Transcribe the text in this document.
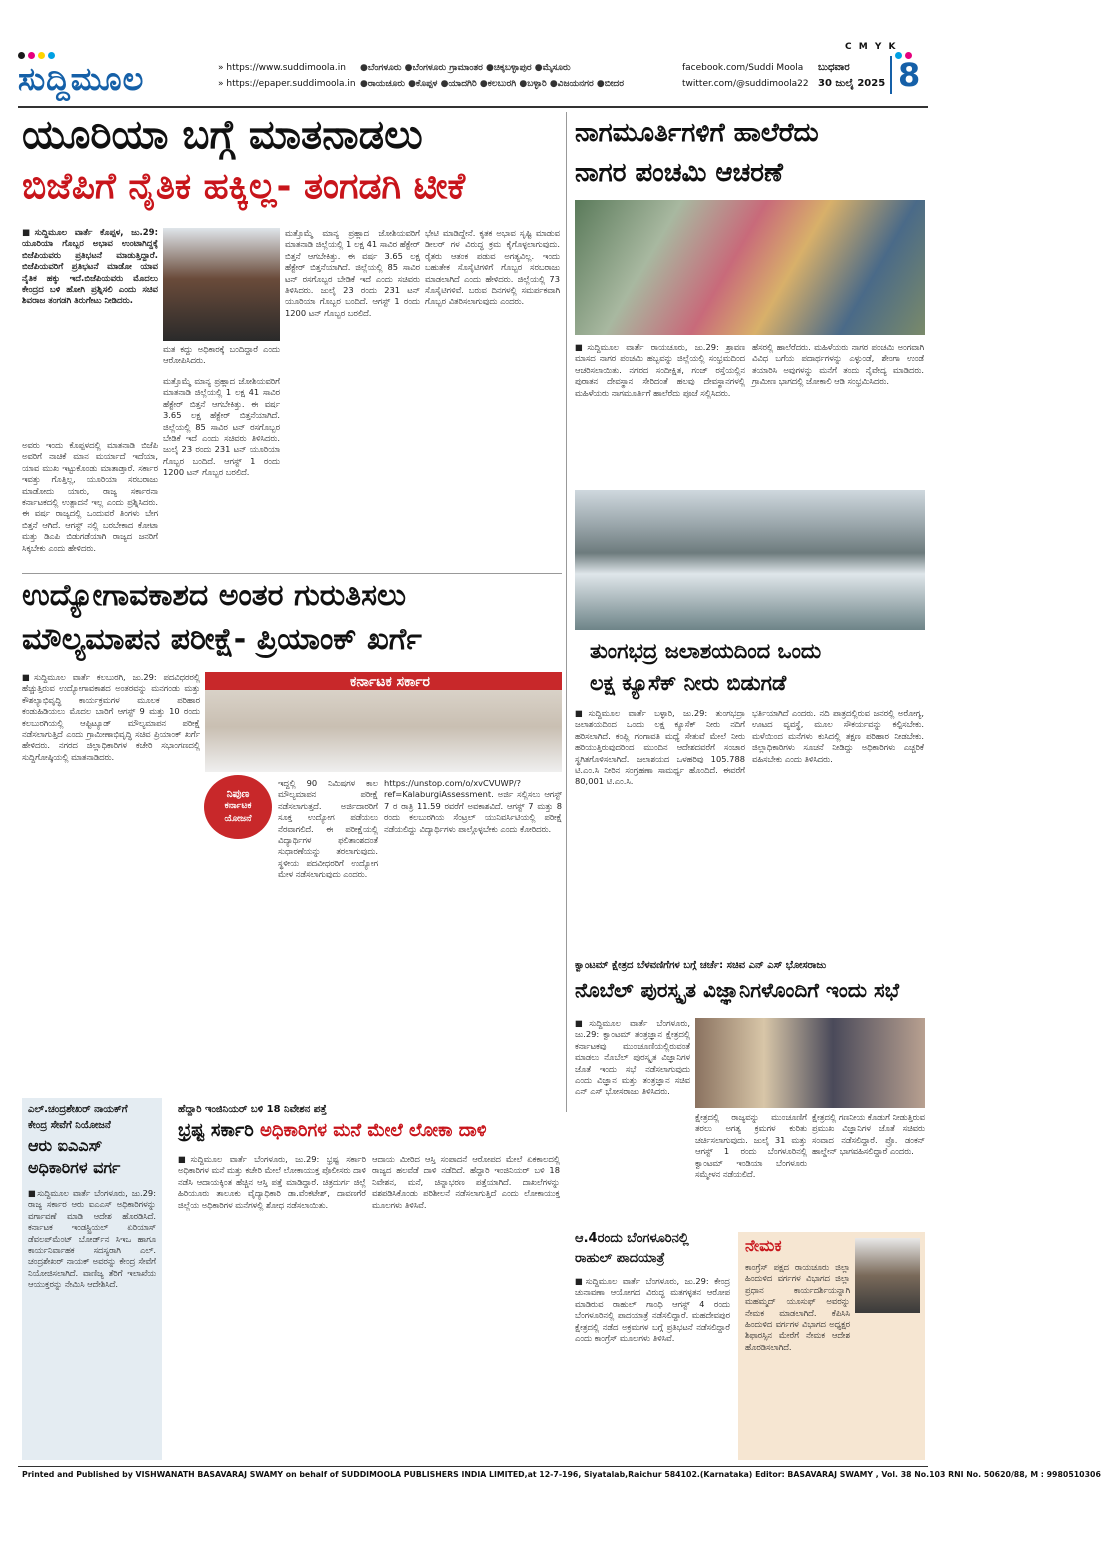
C M Y K
ಸುದ್ದಿಮೂಲ	» https://www.suddimoola.in
» https://epaper.suddimoola.in
●ಬೆಂಗಳೂರು ●ಬೆಂಗಳೂರು ಗ್ರಾಮಾಂತರ ●ಚಿಕ್ಕಬಳ್ಳಾಪುರ ●ಮೈಸೂರು
●ರಾಯಚೂರು ●ಕೊಪ್ಪಳ ●ಯಾದಗಿರಿ ●ಕಲಬುರಗಿ ●ಬಳ್ಳಾರಿ ●ವಿಜಯನಗರ ●ಬೀದರ
facebook.com/Suddi Moola
twitter.com/@suddimoola22
ಬುಧವಾರ
30 ಜುಲೈ 2025 8
ಯೂರಿಯಾ ಬಗ್ಗೆ ಮಾತನಾಡಲು
ಬಿಜೆಪಿಗೆ ನೈತಿಕ ಹಕ್ಕಿಲ್ಲ- ತಂಗಡಗಿ ಟೀಕೆ
■ಸುದ್ದಿಮೂಲ ವಾರ್ತೆ ಕೊಪ್ಪಳ, ಜು.29: ಯೂರಿಯಾ ಗೊಬ್ಬರ ಅಭಾವ ಉಂಟಾಗಿದ್ದಕ್ಕೆ ಬಿಜೆಪಿಯವರು ಪ್ರತಿಭಟನೆ ಮಾಡುತ್ತಿದ್ದಾರೆ. ಬಿಜೆಪಿಯವರಿಗೆ ಪ್ರತಿಭಟನೆ ಮಾಡೋ ಯಾವ ನೈತಿಕ ಹಕ್ಕು ಇದೆ.ಬಿಜೆಪಿಯವರು ಮೊದಲು ಕೇಂದ್ರದ ಬಳಿ ಹೋಗಿ ಪ್ರಶ್ನಿಸಲಿ ಎಂದು ಸಚಿವ ಶಿವರಾಜ ತಂಗಡಗಿ ತಿರುಗೇಟು ನೀಡಿದರು.
ಮತ ಕದ್ದು ಅಧಿಕಾರಕ್ಕೆ ಬಂದಿದ್ದಾರೆ ಎಂದು ಆರೋಪಿಸಿದರು.
ಅವರು ಇಂದು ಕೊಪ್ಪಳದಲ್ಲಿ ಮಾತನಾಡಿ ಬಿಜೆಪಿ ಅವರಿಗೆ ನಾಚಿಕೆ ಮಾನ ಮರ್ಯಾದೆ ಇದೆಯಾ, ಯಾವ ಮುಖ ಇಟ್ಟುಕೊಂಡು ಮಾತಾಡ್ತಾರೆ. ಸರ್ಕಾರ ಇವತ್ತು ಗೊತ್ತಿಲ್ಲ, ಯೂರಿಯಾ ಸರಬರಾಜು ಮಾಡೋದು ಯಾರು, ರಾಜ್ಯ ಸರ್ಕಾರನಾ ಕರ್ನಾಟಕದಲ್ಲಿ ಉತ್ಪಾದನೆ ಇಲ್ಲ ಎಂದು ಪ್ರಶ್ನಿಸಿದರು. ಈ ವರ್ಷ ರಾಜ್ಯದಲ್ಲಿ ಒಂದುವರೆ ತಿಂಗಳು ಬೇಗ ಬಿತ್ತನೆ ಆಗಿದೆ. ಆಗಸ್ಟ್ ನಲ್ಲಿ ಬರಬೇಕಾದ ಕೋಟಾ ಮತ್ತು ಡಿಎಪಿ ಬಿಡುಗಡೆಯಾಗಿ ರಾಜ್ಯದ ಜನರಿಗೆ ಸಿಕ್ಕಬೇಕು ಎಂದು ಹೇಳಿದರು.
ಮತ್ತೊಮ್ಮೆ ಮಾನ್ಯ ಪ್ರಹ್ಲಾದ ಜೋಶಿಯವರಿಗೆ ಮಾತನಾಡಿ ಜಿಲ್ಲೆಯಲ್ಲಿ 1 ಲಕ್ಷ 41 ಸಾವಿರ ಹೆಕ್ಟೇರ್ ಬಿತ್ತನೆ ಆಗಬೇಕಿತ್ತು. ಈ ವರ್ಷ 3.65 ಲಕ್ಷ ಹೆಕ್ಟೇರ್ ಬಿತ್ತನೆಯಾಗಿದೆ. ಜಿಲ್ಲೆಯಲ್ಲಿ 85 ಸಾವಿರ ಟನ್ ರಸಗೊಬ್ಬರ ಬೇಡಿಕೆ ಇದೆ ಎಂದು ಸಚಿವರು ತಿಳಿಸಿದರು. ಜುಲೈ 23 ರಂದು 231 ಟನ್ ಯೂರಿಯಾ ಗೊಬ್ಬರ ಬಂದಿದೆ. ಆಗಸ್ಟ್ 1 ರಂದು 1200 ಟನ್ ಗೊಬ್ಬರ ಬರಲಿದೆ.
ಮತ್ತೊಮ್ಮೆ ಮಾನ್ಯ ಪ್ರಹ್ಲಾದ ಜೋಶಿಯವರಿಗೆ ಮಾತನಾಡಿ ಜಿಲ್ಲೆಯಲ್ಲಿ 1 ಲಕ್ಷ 41 ಸಾವಿರ ಹೆಕ್ಟೇರ್ ಬಿತ್ತನೆ ಆಗಬೇಕಿತ್ತು. ಈ ವರ್ಷ 3.65 ಲಕ್ಷ ಹೆಕ್ಟೇರ್ ಬಿತ್ತನೆಯಾಗಿದೆ. ಜಿಲ್ಲೆಯಲ್ಲಿ 85 ಸಾವಿರ ಟನ್ ರಸಗೊಬ್ಬರ ಬೇಡಿಕೆ ಇದೆ ಎಂದು ಸಚಿವರು ತಿಳಿಸಿದರು. ಜುಲೈ 23 ರಂದು 231 ಟನ್ ಯೂರಿಯಾ ಗೊಬ್ಬರ ಬಂದಿದೆ. ಆಗಸ್ಟ್ 1 ರಂದು 1200 ಟನ್ ಗೊಬ್ಬರ ಬರಲಿದೆ.
ಭೇಟಿ ಮಾಡಿದ್ದೇನೆ. ಕೃತಕ ಅಭಾವ ಸೃಷ್ಟಿ ಮಾಡುವ ಡೀಲರ್ ಗಳ ವಿರುದ್ಧ ಕ್ರಮ ಕೈಗೊಳ್ಳಲಾಗುವುದು. ರೈತರು ಆತಂಕ ಪಡುವ ಅಗತ್ಯವಿಲ್ಲ. ಇಂದು ಬಹುತೇಕ ಸೊಸೈಟಿಗಳಿಗೆ ಗೊಬ್ಬರ ಸರಬರಾಜು ಮಾಡಲಾಗಿದೆ ಎಂದು ಹೇಳಿದರು. ಜಿಲ್ಲೆಯಲ್ಲಿ 73 ಸೊಸೈಟಿಗಳಿವೆ. ಬರುವ ದಿನಗಳಲ್ಲಿ ಸಮರ್ಪಕವಾಗಿ ಗೊಬ್ಬರ ವಿತರಿಸಲಾಗುವುದು ಎಂದರು.
ನಾಗಮೂರ್ತಿಗಳಿಗೆ ಹಾಲೆರೆದು
ನಾಗರ ಪಂಚಮಿ ಆಚರಣೆ
■ಸುದ್ದಿಮೂಲ ವಾರ್ತೆ ರಾಯಚೂರು, ಜು.29: ಶ್ರಾವಣ ಮಾಸದ ನಾಗರ ಪಂಚಮಿ ಹಬ್ಬವನ್ನು ಜಿಲ್ಲೆಯಲ್ಲಿ ಸಂಭ್ರಮದಿಂದ ಆಚರಿಸಲಾಯಿತು. ನಗರದ ಸಂದೀಕ್ಷಿತ, ಗಂಜ್ ರಸ್ತೆಯಲ್ಲಿನ ಪುರಾತನ ದೇವಸ್ಥಾನ ಸೇರಿದಂತೆ ಹಲವು ದೇವಸ್ಥಾನಗಳಲ್ಲಿ ಮಹಿಳೆಯರು ನಾಗಮೂರ್ತಿಗೆ ಹಾಲೆರೆದು ಪೂಜೆ ಸಲ್ಲಿಸಿದರು.
ಹೆಸರಲ್ಲಿ ಹಾಲೆರೆದರು. ಮಹಿಳೆಯರು ನಾಗರ ಪಂಚಮಿ ಅಂಗವಾಗಿ ವಿವಿಧ ಬಗೆಯ ಪದಾರ್ಥಗಳನ್ನು ಎಳ್ಳುಂಡೆ, ಶೇಂಗಾ ಉಂಡೆ ತಯಾರಿಸಿ ಅವುಗಳನ್ನು ಮನೆಗೆ ತಂದು ನೈವೇದ್ಯ ಮಾಡಿದರು. ಗ್ರಾಮೀಣ ಭಾಗದಲ್ಲಿ ಜೋಕಾಲಿ ಆಡಿ ಸಂಭ್ರಮಿಸಿದರು.
ತುಂಗಭದ್ರ ಜಲಾಶಯದಿಂದ ಒಂದು
ಲಕ್ಷ ಕ್ಯೂಸೆಕ್ ನೀರು ಬಿಡುಗಡೆ
■ಸುದ್ದಿಮೂಲ ವಾರ್ತೆ ಬಳ್ಳಾರಿ, ಜು.29: ತುಂಗಭದ್ರಾ ಜಲಾಶಯದಿಂದ ಒಂದು ಲಕ್ಷ ಕ್ಯೂಸೆಕ್ ನೀರು ನದಿಗೆ ಹರಿಸಲಾಗಿದೆ. ಕಂಪ್ಲಿ ಗಂಗಾವತಿ ಮಧ್ಯೆ ಸೇತುವೆ ಮೇಲೆ ನೀರು ಹರಿಯುತ್ತಿರುವುದರಿಂದ ಮುಂದಿನ ಆದೇಶದವರೆಗೆ ಸಂಚಾರ ಸ್ಥಗಿತಗೊಳಿಸಲಾಗಿದೆ. ಜಲಾಶಯದ ಒಳಹರಿವು 105.788 ಟಿ.ಎಂ.ಸಿ ನೀರಿನ ಸಂಗ್ರಹಣಾ ಸಾಮರ್ಥ್ಯ ಹೊಂದಿದೆ. ಈವರೆಗೆ 80,001 ಟಿ.ಎಂ.ಸಿ.
ಭರ್ತಿಯಾಗಿದೆ ಎಂದರು. ನದಿ ಪಾತ್ರದಲ್ಲಿರುವ ಜನರಲ್ಲಿ ಅರೋಗ್ಯ, ಊಟದ ವ್ಯವಸ್ಥೆ, ಮೂಲ ಸೌಕರ್ಯವನ್ನು ಕಲ್ಪಿಸಬೇಕು. ಮಳೆಯಿಂದ ಮನೆಗಳು ಕುಸಿದಲ್ಲಿ ತಕ್ಷಣ ಪರಿಹಾರ ನೀಡಬೇಕು. ಜಿಲ್ಲಾಧಿಕಾರಿಗಳು ಸೂಚನೆ ನೀಡಿದ್ದು ಅಧಿಕಾರಿಗಳು ಎಚ್ಚರಿಕೆ ವಹಿಸಬೇಕು ಎಂದು ತಿಳಿಸಿದರು.
ಉದ್ಯೋಗಾವಕಾಶದ ಅಂತರ ಗುರುತಿಸಲು
ಮೌಲ್ಯಮಾಪನ ಪರೀಕ್ಷೆ- ಪ್ರಿಯಾಂಕ್ ಖರ್ಗೆ
■ಸುದ್ದಿಮೂಲ ವಾರ್ತೆ ಕಲಬುರಗಿ, ಜು.29: ಪದವಿಧರರಲ್ಲಿ ಹೆಚ್ಚುತ್ತಿರುವ ಉದ್ಯೋಗಾವಕಾಶದ ಅಂತರವನ್ನು ಮನಗಂಡು ಮತ್ತು ಕೌಶಲ್ಯಾಭಿವೃದ್ಧಿ ಕಾರ್ಯಕ್ರಮಗಳ ಮೂಲಕ ಪರಿಹಾರ ಕಂಡುಹಿಡಿಯಲು ಮೊದಲ ಬಾರಿಗೆ ಆಗಸ್ಟ್ 9 ಮತ್ತು 10 ರಂದು ಕಲಬುರಗಿಯಲ್ಲಿ ಆಪ್ಟಿಟ್ಯೂಡ್ ಮೌಲ್ಯಮಾಪನ ಪರೀಕ್ಷೆ ನಡೆಸಲಾಗುತ್ತಿದೆ ಎಂದು ಗ್ರಾಮೀಣಾಭಿವೃದ್ಧಿ ಸಚಿವ ಪ್ರಿಯಾಂಕ್ ಖರ್ಗೆ ಹೇಳಿದರು. ನಗರದ ಜಿಲ್ಲಾಧಿಕಾರಿಗಳ ಕಚೇರಿ ಸಭಾಂಗಣದಲ್ಲಿ ಸುದ್ದಿಗೋಷ್ಠಿಯಲ್ಲಿ ಮಾತನಾಡಿದರು.
ಕರ್ನಾಟಕ ಸರ್ಕಾರ
ನಿಪುಣ
ಕರ್ನಾಟಕ
ಯೋಜನೆ
ಇದ್ದಲ್ಲಿ 90 ನಿಮಿಷಗಳ ಕಾಲ ಮೌಲ್ಯಮಾಪನ ಪರೀಕ್ಷೆ ನಡೆಸಲಾಗುತ್ತದೆ. ಅರ್ಜಿದಾರರಿಗೆ ಸೂಕ್ತ ಉದ್ಯೋಗ ಪಡೆಯಲು ನೆರವಾಗಲಿದೆ. ಈ ಪರೀಕ್ಷೆಯಲ್ಲಿ ವಿದ್ಯಾರ್ಥಿಗಳ ಫಲಿತಾಂಶದಂತೆ ಸುಧಾರಣೆಯನ್ನು ತರಲಾಗುವುದು. ಸ್ಥಳೀಯ ಪದವೀಧರರಿಗೆ ಉದ್ಯೋಗ ಮೇಳ ನಡೆಸಲಾಗುವುದು ಎಂದರು.
https://unstop.com/o/xvCVUWP/?ref=KalaburgiAssessment. ಅರ್ಜಿ ಸಲ್ಲಿಸಲು ಆಗಸ್ಟ್ 7 ರ ರಾತ್ರಿ 11.59 ರವರೆಗೆ ಅವಕಾಶವಿದೆ. ಆಗಸ್ಟ್ 7 ಮತ್ತು 8 ರಂದು ಕಲಬುರಗಿಯ ಸೆಂಟ್ರಲ್ ಯುನಿವರ್ಸಿಟಿಯಲ್ಲಿ ಪರೀಕ್ಷೆ ನಡೆಯಲಿದ್ದು ವಿದ್ಯಾರ್ಥಿಗಳು ಪಾಲ್ಗೊಳ್ಳಬೇಕು ಎಂದು ಕೋರಿದರು.
ಕ್ವಾಂಟಮ್ ಕ್ಷೇತ್ರದ ಬೆಳವಣಿಗೆಗಳ ಬಗ್ಗೆ ಚರ್ಚೆ: ಸಚಿವ ಎನ್ ಎಸ್ ಭೋಸರಾಜು
ನೊಬೆಲ್ ಪುರಸ್ಕೃತ ವಿಜ್ಞಾನಿಗಳೊಂದಿಗೆ ಇಂದು ಸಭೆ
■ಸುದ್ದಿಮೂಲ ವಾರ್ತೆ ಬೆಂಗಳೂರು, ಜು.29: ಕ್ವಾಂಟಮ್ ತಂತ್ರಜ್ಞಾನ ಕ್ಷೇತ್ರದಲ್ಲಿ ಕರ್ನಾಟಕವು ಮುಂಚೂಣಿಯಲ್ಲಿರುವಂತೆ ಮಾಡಲು ನೊಬೆಲ್ ಪುರಸ್ಕೃತ ವಿಜ್ಞಾನಿಗಳ ಜೊತೆ ಇಂದು ಸಭೆ ನಡೆಸಲಾಗುವುದು ಎಂದು ವಿಜ್ಞಾನ ಮತ್ತು ತಂತ್ರಜ್ಞಾನ ಸಚಿವ ಎನ್ ಎಸ್ ಭೋಸರಾಜು ತಿಳಿಸಿದರು.
ಕ್ಷೇತ್ರದಲ್ಲಿ ರಾಜ್ಯವನ್ನು ಮುಂಚೂಣಿಗೆ ತರಲು ಅಗತ್ಯ ಕ್ರಮಗಳ ಕುರಿತು ಚರ್ಚಿಸಲಾಗುವುದು. ಜುಲೈ 31 ಮತ್ತು ಆಗಸ್ಟ್ 1 ರಂದು ಬೆಂಗಳೂರಿನಲ್ಲಿ ಕ್ವಾಂಟಮ್ ಇಂಡಿಯಾ ಬೆಂಗಳೂರು ಸಮ್ಮೇಳನ ನಡೆಯಲಿದೆ.
ಕ್ಷೇತ್ರದಲ್ಲಿ ಗಣನೀಯ ಕೊಡುಗೆ ನೀಡುತ್ತಿರುವ ಪ್ರಮುಖ ವಿಜ್ಞಾನಿಗಳ ಜೊತೆ ಸಚಿವರು ಸಂವಾದ ನಡೆಸಲಿದ್ದಾರೆ. ಪ್ರೊ. ಡಂಕನ್ ಹಾಲ್ಡೇನ್ ಭಾಗವಹಿಸಲಿದ್ದಾರೆ ಎಂದರು.
ಎಲ್.ಚಂದ್ರಶೇಖರ್ ನಾಯಕ್‌ಗೆ
ಕೇಂದ್ರ ಸೇವೆಗೆ ನಿಯೋಜನೆ
ಆರು ಐಎಎಸ್
ಅಧಿಕಾರಿಗಳ ವರ್ಗ
■ಸುದ್ದಿಮೂಲ ವಾರ್ತೆ ಬೆಂಗಳೂರು, ಜು.29: ರಾಜ್ಯ ಸರ್ಕಾರ ಆರು ಐಎಎಸ್ ಅಧಿಕಾರಿಗಳನ್ನು ವರ್ಗಾವಣೆ ಮಾಡಿ ಆದೇಶ ಹೊರಡಿಸಿದೆ. ಕರ್ನಾಟಕ ಇಂಡಸ್ಟ್ರಿಯಲ್ ಏರಿಯಾಸ್ ಡೆವಲಪ್‌ಮೆಂಟ್ ಬೋರ್ಡ್‌ನ ಸಿಇಒ ಹಾಗೂ ಕಾರ್ಯನಿರ್ವಾಹಕ ಸದಸ್ಯರಾಗಿ ಎಲ್. ಚಂದ್ರಶೇಖರ್ ನಾಯಕ್ ಅವರನ್ನು ಕೇಂದ್ರ ಸೇವೆಗೆ ನಿಯೋಜಿಸಲಾಗಿದೆ. ವಾಣಿಜ್ಯ ತೆರಿಗೆ ಇಲಾಖೆಯ ಆಯುಕ್ತರನ್ನು ನೇಮಿಸಿ ಆದೇಶಿಸಿದೆ.
ಹೆದ್ದಾರಿ ಇಂಜಿನಿಯರ್ ಬಳಿ 18 ನಿವೇಶನ ಪತ್ತೆ
ಭ್ರಷ್ಟ ಸರ್ಕಾರಿ ಅಧಿಕಾರಿಗಳ ಮನೆ ಮೇಲೆ ಲೋಕಾ ದಾಳಿ
■ಸುದ್ದಿಮೂಲ ವಾರ್ತೆ ಬೆಂಗಳೂರು, ಜು.29: ಭ್ರಷ್ಟ ಸರ್ಕಾರಿ ಅಧಿಕಾರಿಗಳ ಮನೆ ಮತ್ತು ಕಚೇರಿ ಮೇಲೆ ಲೋಕಾಯುಕ್ತ ಪೊಲೀಸರು ದಾಳಿ ನಡೆಸಿ ಆದಾಯಕ್ಕಿಂತ ಹೆಚ್ಚಿನ ಆಸ್ತಿ ಪತ್ತೆ ಮಾಡಿದ್ದಾರೆ. ಚಿತ್ರದುರ್ಗ ಜಿಲ್ಲೆ ಹಿರಿಯೂರು ತಾಲೂಕು ವೈದ್ಯಾಧಿಕಾರಿ ಡಾ.ವೆಂಕಟೇಶ್, ದಾವಣಗೆರೆ ಜಿಲ್ಲೆಯ ಅಧಿಕಾರಿಗಳ ಮನೆಗಳಲ್ಲಿ ಶೋಧ ನಡೆಸಲಾಯಿತು.
ಆದಾಯ ಮೀರಿದ ಆಸ್ತಿ ಸಂಪಾದನೆ ಆರೋಪದ ಮೇಲೆ ಏಕಕಾಲದಲ್ಲಿ ರಾಜ್ಯದ ಹಲವೆಡೆ ದಾಳಿ ನಡೆದಿದೆ. ಹೆದ್ದಾರಿ ಇಂಜಿನಿಯರ್ ಬಳಿ 18 ನಿವೇಶನ, ಮನೆ, ಚಿನ್ನಾಭರಣ ಪತ್ತೆಯಾಗಿದೆ. ದಾಖಲೆಗಳನ್ನು ವಶಪಡಿಸಿಕೊಂಡು ಪರಿಶೀಲನೆ ನಡೆಸಲಾಗುತ್ತಿದೆ ಎಂದು ಲೋಕಾಯುಕ್ತ ಮೂಲಗಳು ತಿಳಿಸಿವೆ.
ಆ.4ರಂದು ಬೆಂಗಳೂರಿನಲ್ಲಿ
ರಾಹುಲ್ ಪಾದಯಾತ್ರೆ
■ಸುದ್ದಿಮೂಲ ವಾರ್ತೆ ಬೆಂಗಳೂರು, ಜು.29: ಕೇಂದ್ರ ಚುನಾವಣಾ ಆಯೋಗದ ವಿರುದ್ಧ ಮತಗಳ್ಳತನ ಆರೋಪ ಮಾಡಿರುವ ರಾಹುಲ್ ಗಾಂಧಿ ಆಗಸ್ಟ್ 4 ರಂದು ಬೆಂಗಳೂರಿನಲ್ಲಿ ಪಾದಯಾತ್ರೆ ನಡೆಸಲಿದ್ದಾರೆ. ಮಹದೇವಪುರ ಕ್ಷೇತ್ರದಲ್ಲಿ ನಡೆದ ಅಕ್ರಮಗಳ ಬಗ್ಗೆ ಪ್ರತಿಭಟನೆ ನಡೆಸಲಿದ್ದಾರೆ ಎಂದು ಕಾಂಗ್ರೆಸ್ ಮೂಲಗಳು ತಿಳಿಸಿವೆ.
ನೇಮಕ
ಕಾಂಗ್ರೆಸ್ ಪಕ್ಷದ ರಾಯಚೂರು ಜಿಲ್ಲಾ ಹಿಂದುಳಿದ ವರ್ಗಗಳ ವಿಭಾಗದ ಜಿಲ್ಲಾ ಪ್ರಧಾನ ಕಾರ್ಯದರ್ಶಿಯನ್ನಾಗಿ ಮಹಮ್ಮದ್ ಯೂಸುಫ್ ಅವರನ್ನು ನೇಮಕ ಮಾಡಲಾಗಿದೆ. ಕೆಪಿಸಿಸಿ ಹಿಂದುಳಿದ ವರ್ಗಗಳ ವಿಭಾಗದ ಅಧ್ಯಕ್ಷರ ಶಿಫಾರಸ್ಸಿನ ಮೇರೆಗೆ ನೇಮಕ ಆದೇಶ ಹೊರಡಿಸಲಾಗಿದೆ.
Printed and Published by VISHWANATH BASAVARAJ SWAMY on behalf of SUDDIMOOLA PUBLISHERS INDIA LIMITED,at 12-7-196, Siyatalab,Raichur 584102.(Karnataka) Editor: BASAVARAJ SWAMY , Vol. 38 No.103 RNI No. 50620/88, M : 9980510306
